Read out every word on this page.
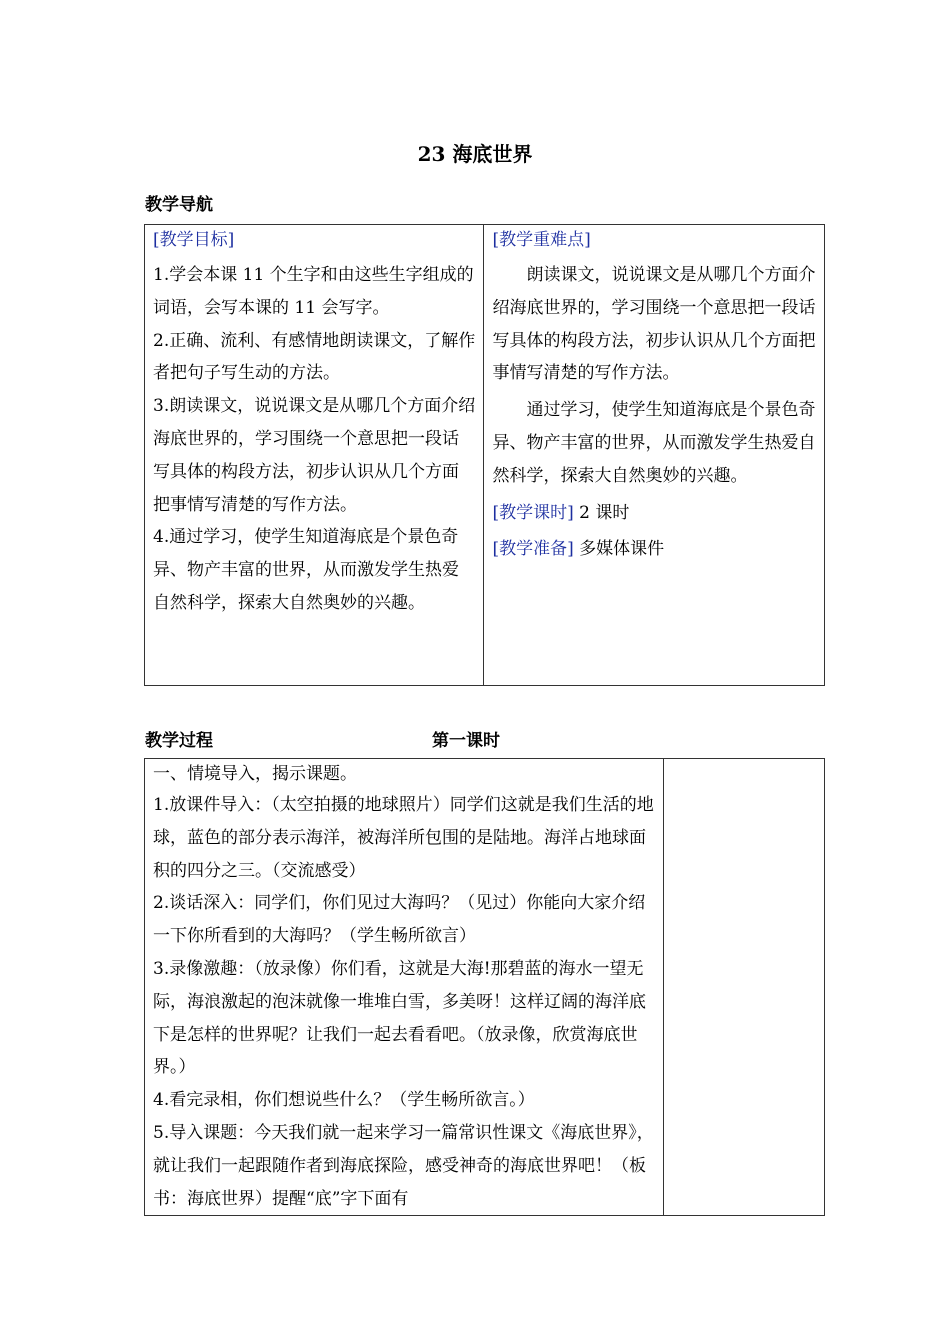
23 海底世界
教学导航

[教学目标]

1.学会本课 11 个生字和由这些生字组成的词语，会写本课的 11 会写字。

2.正确、流利、有感情地朗读课文，了解作者把句子写生动的方法。

3.朗读课文，说说课文是从哪几个方面介绍海底世界的，学习围绕一个意思把一段话写具体的构段方法，初步认识从几个方面把事情写清楚的写作方法。

4.通过学习，使学生知道海底是个景色奇异、物产丰富的世界，从而激发学生热爱自然科学，探索大自然奥妙的兴趣。

[教学重难点]

朗读课文，说说课文是从哪几个方面介绍海底世界的，学习围绕一个意思把一段话写具体的构段方法，初步认识从几个方面把事情写清楚的写作方法。

通过学习，使学生知道海底是个景色奇异、物产丰富的世界，从而激发学生热爱自然科学，探索大自然奥妙的兴趣。

[教学课时] 2 课时

[教学准备] 多媒体课件

教学过程	第一课时

一、情境导入，揭示课题。

1.放课件导入：（太空拍摄的地球照片）同学们这就是我们生活的地球，蓝色的部分表示海洋，被海洋所包围的是陆地。海洋占地球面积的四分之三。（交流感受）

2.谈话深入：同学们，你们见过大海吗？（见过）你能向大家介绍一下你所看到的大海吗？（学生畅所欲言）

3.录像激趣：（放录像）你们看，这就是大海!那碧蓝的海水一望无际，海浪激起的泡沫就像一堆堆白雪，多美呀！这样辽阔的海洋底下是怎样的世界呢？让我们一起去看看吧。（放录像，欣赏海底世界。）

4.看完录相，你们想说些什么？（学生畅所欲言。）

5.导入课题：今天我们就一起来学习一篇常识性课文《海底世界》，就让我们一起跟随作者到海底探险，感受神奇的海底世界吧！（板书：海底世界）提醒“底”字下面有
